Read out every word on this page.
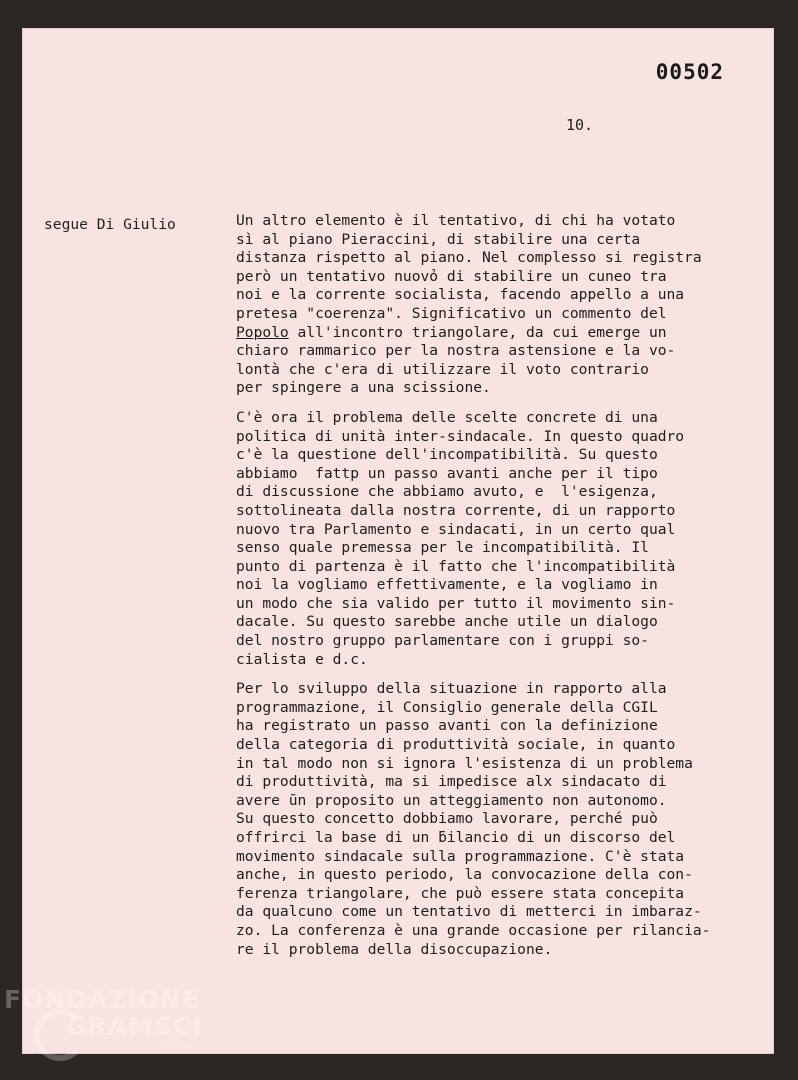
00502
10.
segue Di Giulio	Un altro elemento è il tentativo, di chi ha votato
sì al piano Pieraccini, di stabilire una certa
distanza rispetto al piano. Nel complesso si registra
però un tentativo nuovỏ di stabilire un cuneo tra
noi e la corrente socialista, facendo appello a una
pretesa "coerenza". Significativo un commento del
Popolo all'incontro triangolare, da cui emerge un
chiaro rammarico per la nostra astensione e la vo-
lontà che c'era di utilizzare il voto contrario
per spingere a una scissione.
C'è ora il problema delle scelte concrete di una
politica di unità inter-sindacale. In questo quadro
c'è la questione dell'incompatibilità. Su questo
abbiamo  fattp un passo avanti anche per il tipo
di discussione che abbiamo avuto, e  l'esigenza,
sottolineata dalla nostra corrente, di un rapporto
nuovo tra Parlamento e sindacati, in un certo qual
senso quale premessa per le incompatibilità. Il
punto di partenza è il fatto che l'incompatibilità
noi la vogliamo effettivamente, e la vogliamo in
un modo che sia valido per tutto il movimento sin-
dacale. Su questo sarebbe anche utile un dialogo
del nostro gruppo parlamentare con i gruppi so-
cialista e d.c.
Per lo sviluppo della situazione in rapporto alla
programmazione, il Consiglio generale della CGIL
ha registrato un passo avanti con la definizione
della categoria di produttività sociale, in quanto
in tal modo non si ignora l'esistenza di un problema
di produttività, ma si impedisce alx sindacato di
avere ũn proposito un atteggiamento non autonomo.
Su questo concetto dobbiamo lavorare, perché può
offrirci la base di un ƃilancio di un discorso del
movimento sindacale sulla programmazione. C'è stata
anche, in questo periodo, la convocazione della con-
ferenza triangolare, che può essere stata concepita
da qualcuno come un tentativo di metterci in imbaraz-
zo. La conferenza è una grande occasione per rilancia-
re il problema della disoccupazione.
FONDAZIONE
GRAMSCI
Onlus
